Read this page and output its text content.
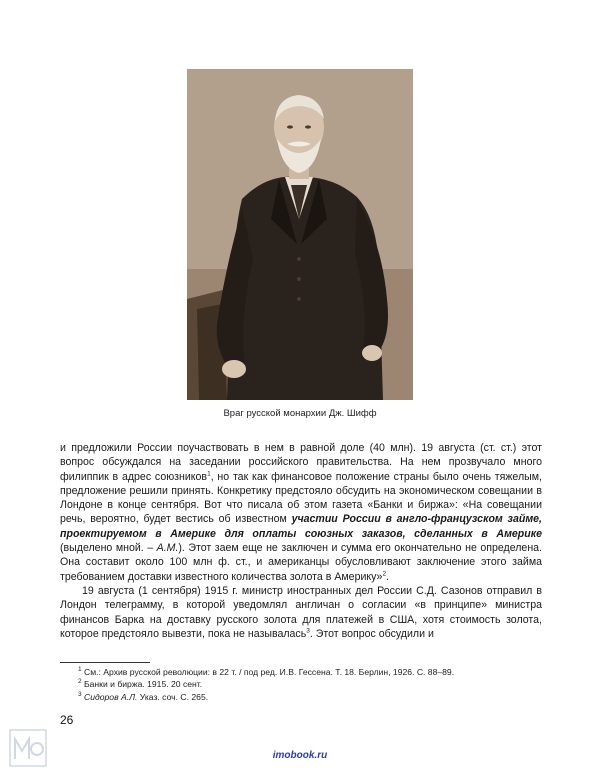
Враг русской монархии Дж. Шифф

и предложили России поучаствовать в нем в равной доле (40 млн). 19 августа (ст. ст.) этот вопрос обсуждался на заседании российского правительства. На нем прозвучало много филиппик в адрес союзников$^1$, но так как финансовое положение страны было очень тяжелым, предложение решили принять. Конкретику предстояло обсудить на экономическом совещании в Лондоне в конце сентября. Вот что писала об этом газета «Банки и биржа»: «На совещании речь, вероятно, будет вестись об известном участии России в англо-французском займе, проектируемом в Америке для оплаты союзных заказов, сделанных в Америке (выделено мной. – А.М.). Этот заем еще не заключен и сумма его окончательно не определена. Она составит около 100 млн ф. ст., и американцы обусловливают заключение этого займа требованием доставки известного количества золота в Америку»$^2$.

19 августа (1 сентября) 1915 г. министр иностранных дел России С.Д. Сазонов отправил в Лондон телеграмму, в которой уведомлял англичан о согласии «в принципе» министра финансов Барка на доставку русского золота для платежей в США, хотя стоимость золота, которое предстояло вывезти, пока не называлась$^3$. Этот вопрос обсудили и

$^1$ См.: Архив русской революции: в 22 т. / под ред. И.В. Гессена. Т. 18. Берлин, 1926. С. 88–89.
$^2$ Банки и биржа. 1915. 20 сент.
$^3$ Сидоров А.Л. Указ. соч. С. 265.
26
imobook.ru
